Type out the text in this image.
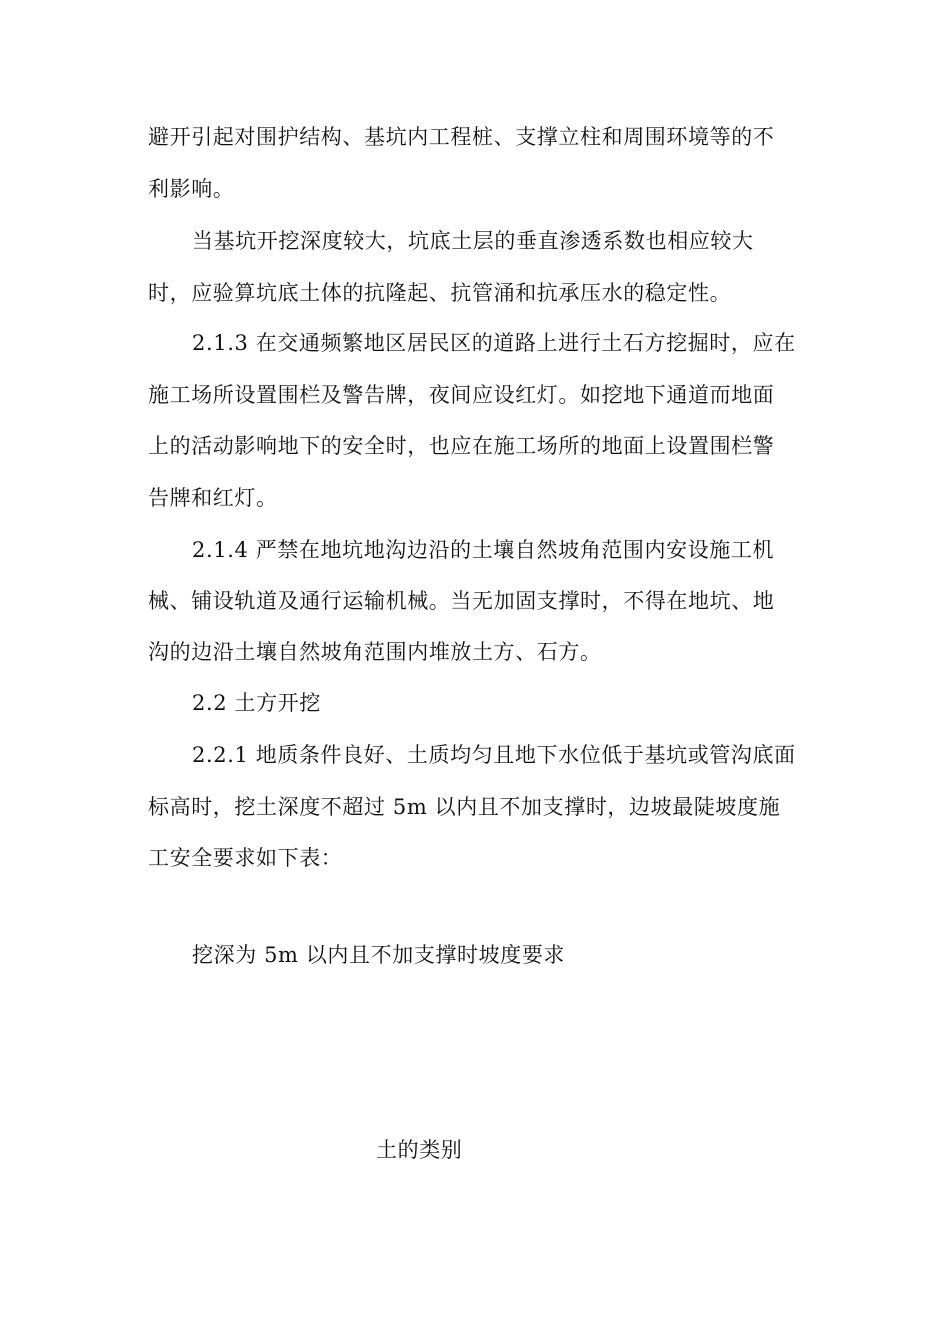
避开引起对围护结构、基坑内工程桩、支撑立柱和周围环境等的不
利影响。
当基坑开挖深度较大，坑底土层的垂直渗透系数也相应较大
时，应验算坑底土体的抗隆起、抗管涌和抗承压水的稳定性。
2.1.3 在交通频繁地区居民区的道路上进行土石方挖掘时，应在
施工场所设置围栏及警告牌，夜间应设红灯。如挖地下通道而地面
上的活动影响地下的安全时，也应在施工场所的地面上设置围栏警
告牌和红灯。
2.1.4 严禁在地坑地沟边沿的土壤自然坡角范围内安设施工机
械、铺设轨道及通行运输机械。当无加固支撑时，不得在地坑、地
沟的边沿土壤自然坡角范围内堆放土方、石方。
2.2 土方开挖
2.2.1 地质条件良好、土质均匀且地下水位低于基坑或管沟底面
标高时，挖土深度不超过 5m 以内且不加支撑时，边坡最陡坡度施
工安全要求如下表：
挖深为 5m 以内且不加支撑时坡度要求
土的类别
